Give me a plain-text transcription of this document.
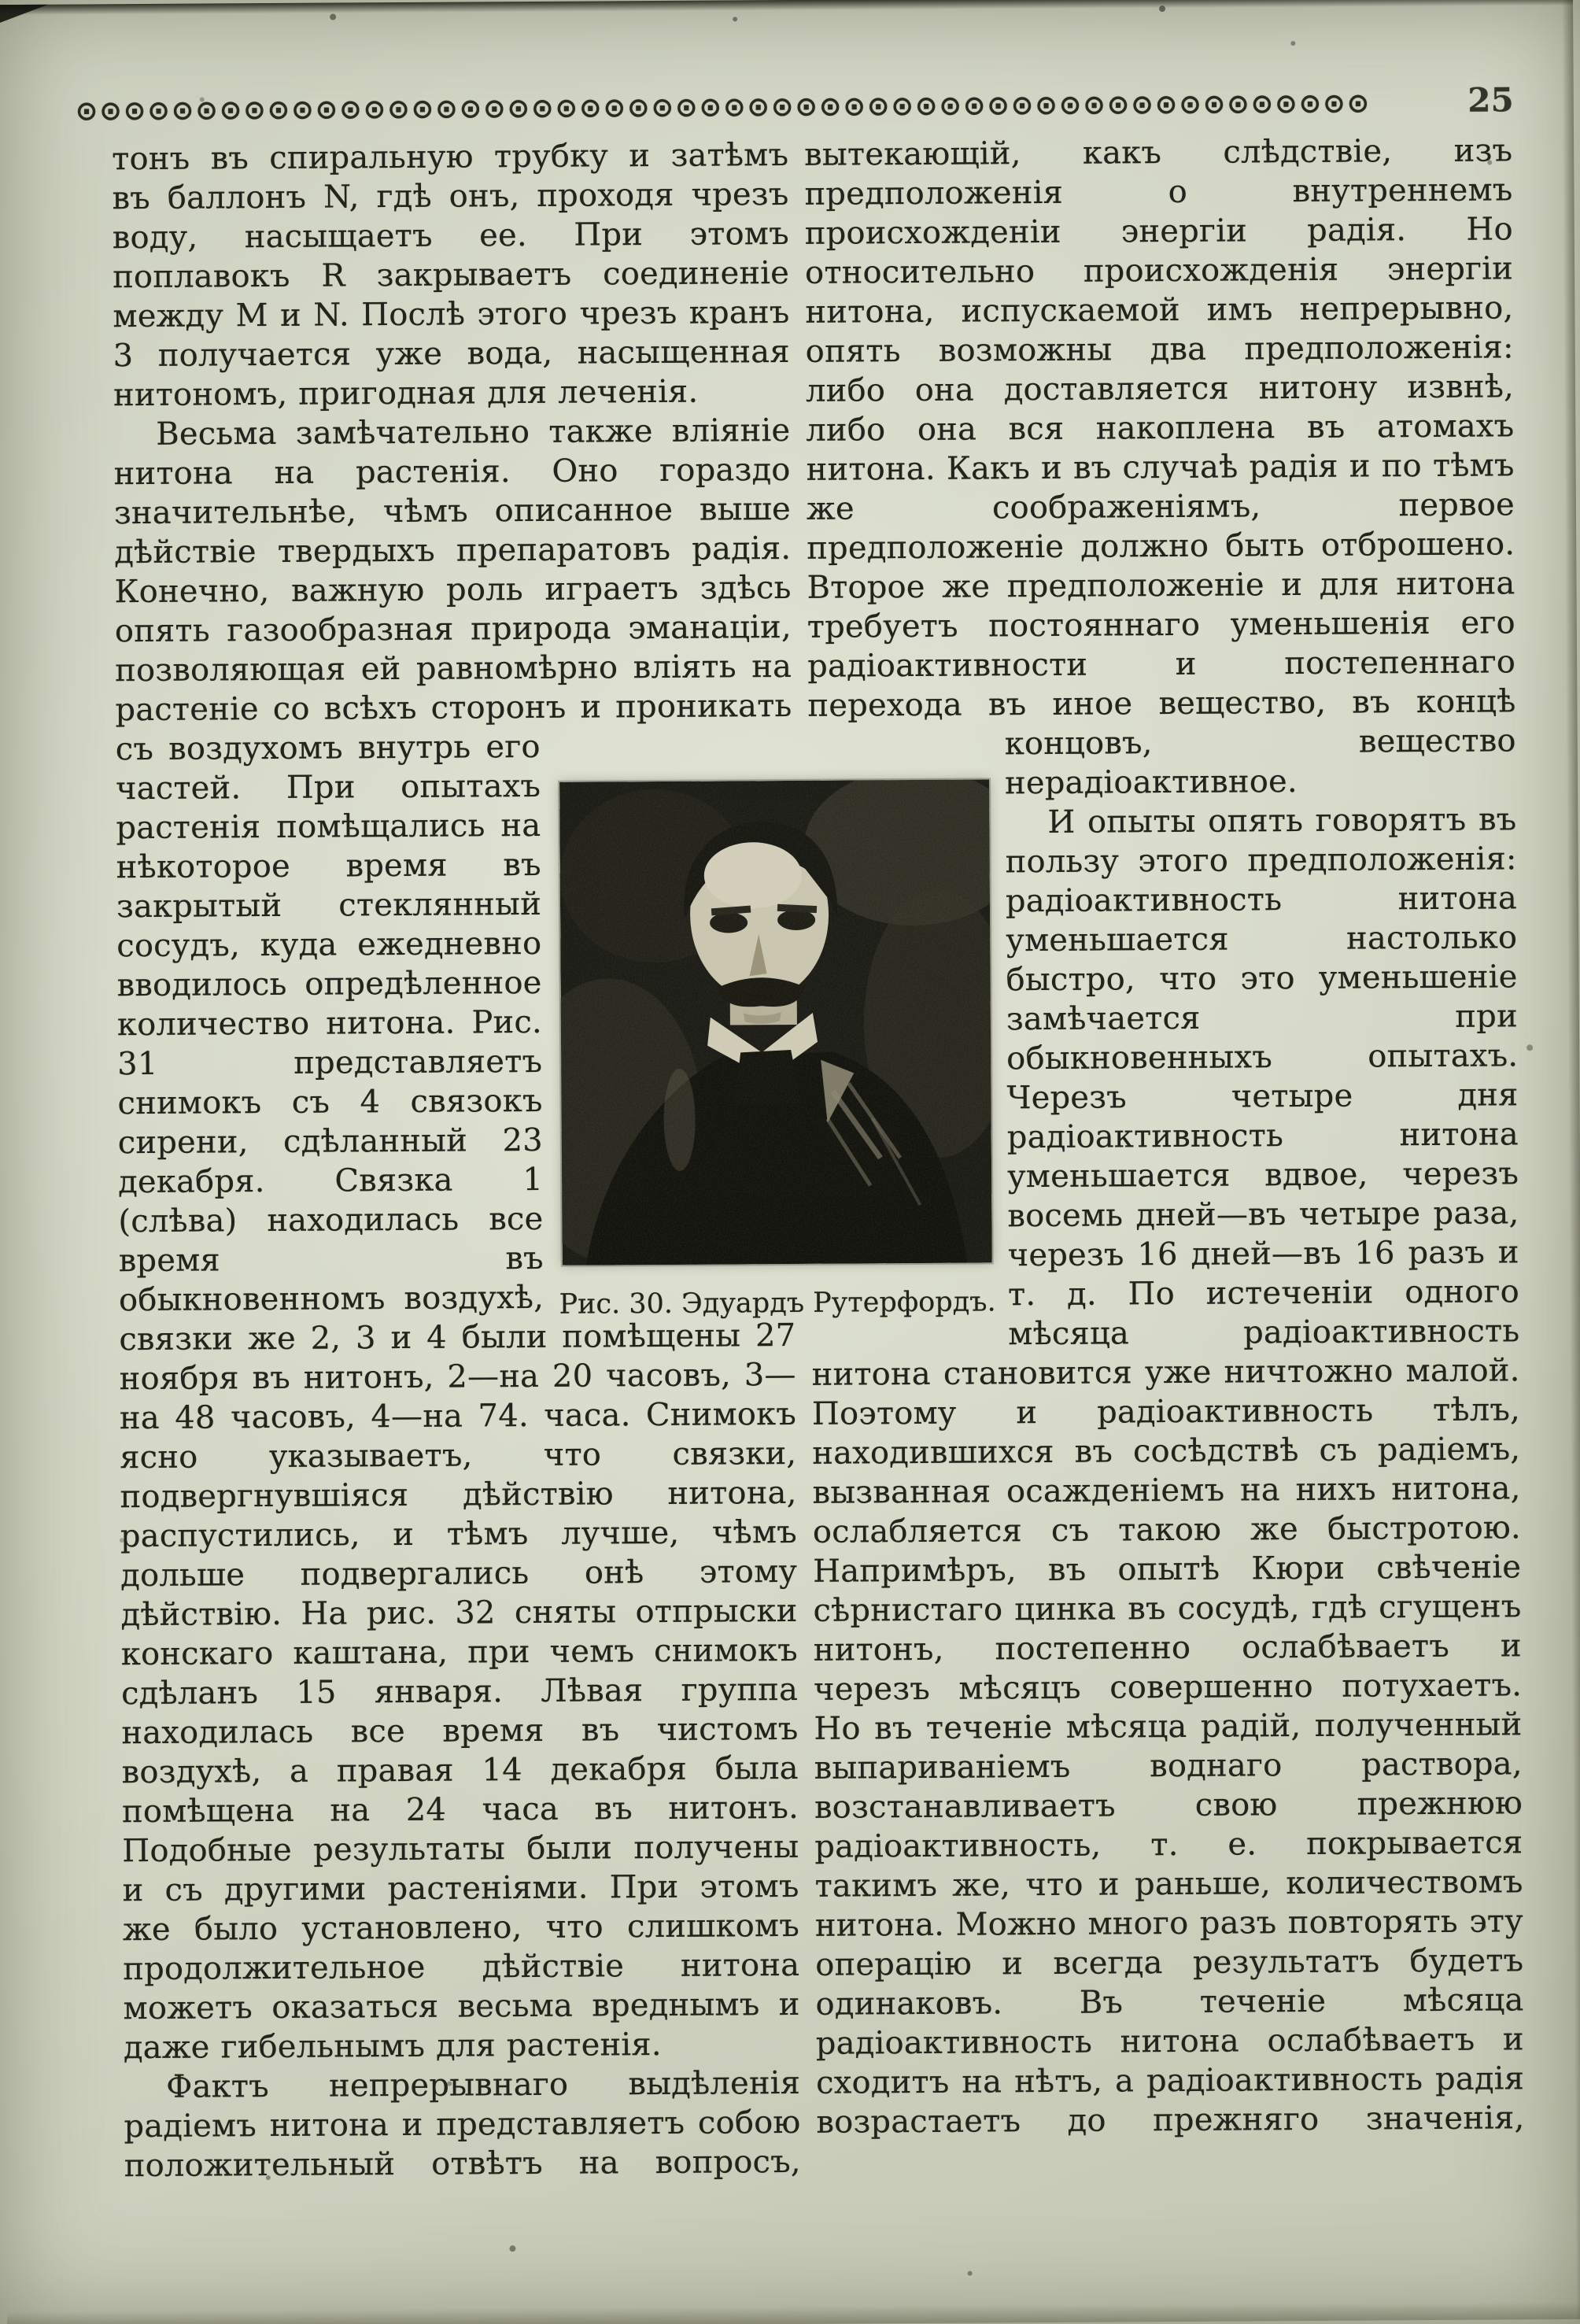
⊙⊙⊙⊙⊙⊙⊙⊙⊙⊙⊙⊙⊙⊙⊙⊙⊙⊙⊙⊙⊙⊙⊙⊙⊙⊙⊙⊙⊙⊙⊙⊙⊙⊙⊙⊙⊙⊙⊙⊙⊙⊙⊙⊙⊙⊙⊙⊙⊙⊙⊙⊙⊙⊙	25

тонъ въ спиральную трубку и затѣмъ въ баллонъ N, гдѣ онъ, проходя чрезъ воду, насыщаетъ ее. При этомъ поплавокъ R закрываетъ соединеніе между M и N. Послѣ этого чрезъ кранъ 3 получается уже вода, насыщенная нитономъ, пригодная для леченія.

Весьма замѣчательно также вліяніе нитона на растенія. Оно гораздо значительнѣе, чѣмъ описанное выше дѣйствіе твердыхъ препаратовъ радія. Конечно, важную роль играетъ здѣсь опять газообразная природа эманаціи, позволяющая ей равномѣрно вліять на растеніе со всѣхъ сторонъ и проникать съ воздухомъ внутрь его частей. При опытахъ растенія помѣщались на нѣкоторое время въ закрытый стеклянный сосудъ, куда ежедневно вводилось опредѣленное количество нитона. Рис. 31 представляетъ снимокъ съ 4 связокъ сирени, сдѣланный 23 декабря. Связка 1 (слѣва) находилась все время въ обыкновенномъ воздухѣ, связки же 2, 3 и 4 были помѣщены 27 ноября въ нитонъ, 2—на 20 часовъ, 3—на 48 часовъ, 4—на 74. часа. Снимокъ ясно указываетъ, что связки, подвергнувшіяся дѣйствію нитона, распустились, и тѣмъ лучше, чѣмъ дольше подвергались онѣ этому дѣйствію. На рис. 32 сняты отпрыски конскаго каштана, при чемъ снимокъ сдѣланъ 15 января. Лѣвая группа находилась все время въ чистомъ воздухѣ, а правая 14 декабря была помѣщена на 24 часа въ нитонъ. Подобные результаты были получены и съ другими растеніями. При этомъ же было установлено, что слишкомъ продолжительное дѣйствіе нитона можетъ оказаться весьма вреднымъ и даже гибельнымъ для растенія.

Фактъ непрерывнаго выдѣленія радіемъ нитона и представляетъ собою положительный отвѣтъ на вопросъ,

вытекающій, какъ слѣдствіе, изъ предположенія о внутреннемъ происхожденіи энергіи радія. Но относительно происхожденія энергіи нитона, испускаемой имъ непрерывно, опять возможны два предположенія: либо она доставляется нитону извнѣ, либо она вся накоплена въ атомахъ нитона. Какъ и въ случаѣ радія и по тѣмъ же соображеніямъ, первое предположеніе должно быть отброшено. Второе же предположеніе и для нитона требуетъ постояннаго уменьшенія его радіоактивности и постепеннаго перехода въ иное вещество, въ концѣ концовъ, вещество
нерадіоактивное.

И опыты опять говорятъ въ пользу этого предположенія: радіоактивность нитона уменьшается настолько быстро, что это уменьшеніе замѣчается при обыкновенныхъ опытахъ. Черезъ четыре дня радіоактивность нитона уменьшается вдвое, черезъ восемь дней—въ четыре раза, черезъ 16 дней—въ 16 разъ и т. д. По истеченіи одного мѣсяца радіоактивность нитона становится уже ничтожно малой. Поэтому и радіоактивность тѣлъ, находившихся въ сосѣдствѣ съ радіемъ, вызванная осажденіемъ на нихъ нитона, ослабляется съ такою же быстротою. Напримѣръ, въ опытѣ Кюри свѣченіе сѣрнистаго цинка въ сосудѣ, гдѣ сгущенъ нитонъ, постепенно ослабѣваетъ и черезъ мѣсяцъ совершенно потухаетъ. Но въ теченіе мѣсяца радій, полученный выпариваніемъ воднаго раствора, возстанавливаетъ свою прежнюю радіоактивность, т. е. покрывается такимъ же, что и раньше, количествомъ нитона. Можно много разъ повторять эту операцію и всегда результатъ будетъ одинаковъ. Въ теченіе мѣсяца радіоактивность нитона ослабѣваетъ и сходитъ на нѣтъ, а радіоактивность радія возрастаетъ до прежняго значенія,

Рис. 30. Эдуардъ Рутерфордъ.
